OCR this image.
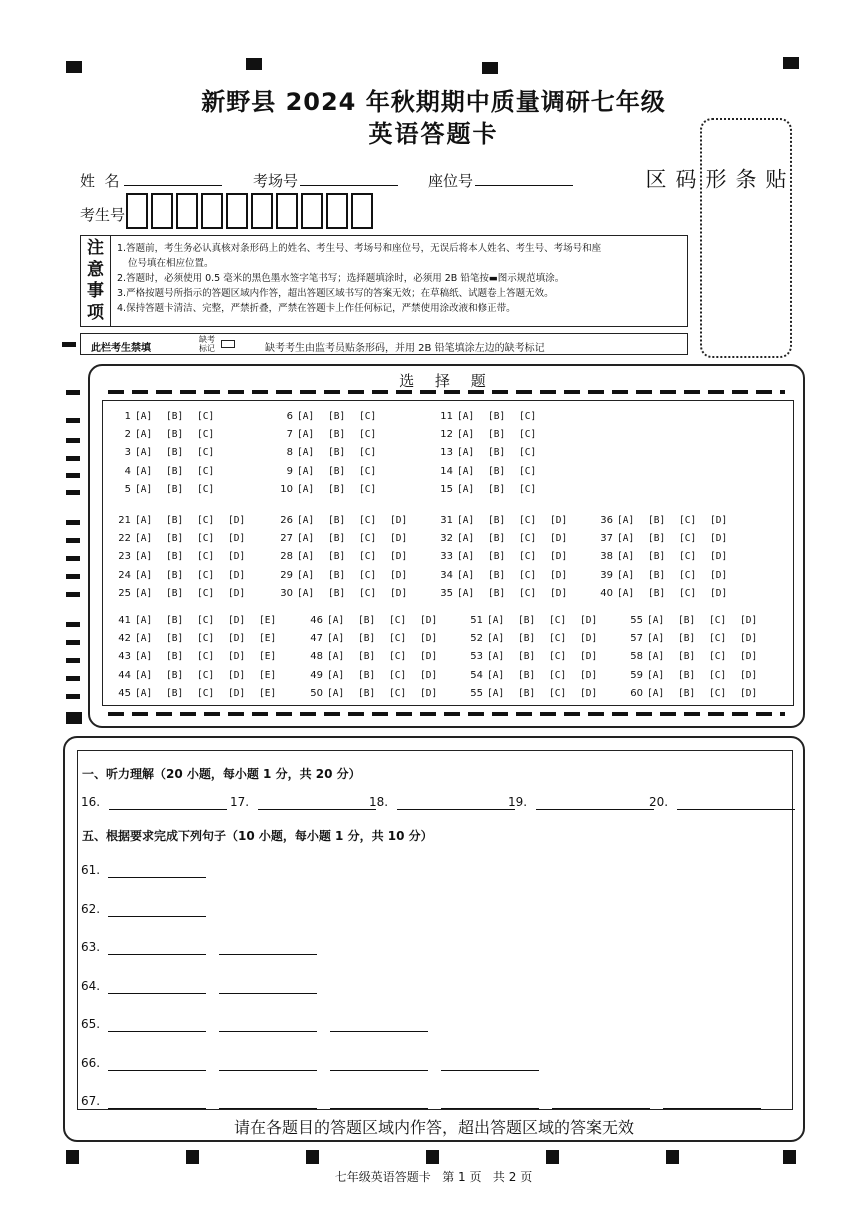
新野县 2024 年秋期期中质量调研七年级
英语答题卡
贴
条
形
码
区
姓  名	考场号	座位号
考生号
注
意
事
项
1.答题前，考生务必认真核对条形码上的姓名、考生号、考场号和座位号，无误后将本人姓名、考生号、考场号和座
位号填在相应位置。
2.答题时，必须使用 0.5 毫米的黑色墨水签字笔书写；选择题填涂时，必须用 2B 铅笔按▬图示规范填涂。
3.严格按题号所指示的答题区域内作答，超出答题区域书写的答案无效；在草稿纸、试题卷上答题无效。
4.保持答题卡清洁、完整，严禁折叠，严禁在答题卡上作任何标记，严禁使用涂改液和修正带。
此栏考生禁填
缺考
标记	缺考考生由监考员贴条形码，并用 2B 铅笔填涂左边的缺考标记
选 择 题
1 [A] [B] [C]
2 [A] [B] [C]
3 [A] [B] [C]
4 [A] [B] [C]
5 [A] [B] [C]
6 [A] [B] [C]
7 [A] [B] [C]
8 [A] [B] [C]
9 [A] [B] [C]
10 [A] [B] [C]
11 [A] [B] [C]
12 [A] [B] [C]
13 [A] [B] [C]
14 [A] [B] [C]
15 [A] [B] [C]
21 [A] [B] [C] [D]
22 [A] [B] [C] [D]
23 [A] [B] [C] [D]
24 [A] [B] [C] [D]
25 [A] [B] [C] [D]
26 [A] [B] [C] [D]
27 [A] [B] [C] [D]
28 [A] [B] [C] [D]
29 [A] [B] [C] [D]
30 [A] [B] [C] [D]
31 [A] [B] [C] [D]
32 [A] [B] [C] [D]
33 [A] [B] [C] [D]
34 [A] [B] [C] [D]
35 [A] [B] [C] [D]
36 [A] [B] [C] [D]
37 [A] [B] [C] [D]
38 [A] [B] [C] [D]
39 [A] [B] [C] [D]
40 [A] [B] [C] [D]
41 [A] [B] [C] [D] [E]
42 [A] [B] [C] [D] [E]
43 [A] [B] [C] [D] [E]
44 [A] [B] [C] [D] [E]
45 [A] [B] [C] [D] [E]
46 [A] [B] [C] [D]
47 [A] [B] [C] [D]
48 [A] [B] [C] [D]
49 [A] [B] [C] [D]
50 [A] [B] [C] [D]
51 [A] [B] [C] [D]
52 [A] [B] [C] [D]
53 [A] [B] [C] [D]
54 [A] [B] [C] [D]
55 [A] [B] [C] [D]
55 [A] [B] [C] [D]
57 [A] [B] [C] [D]
58 [A] [B] [C] [D]
59 [A] [B] [C] [D]
60 [A] [B] [C] [D]
一、听力理解（20 小题，每小题 1 分，共 20 分）
16.	17.	18.	19.	20.
五、根据要求完成下列句子（10 小题，每小题 1 分，共 10 分）
61.
62.
63.
64.
65.
66.
67.
请在各题目的答题区域内作答，超出答题区域的答案无效
七年级英语答题卡   第 1 页   共 2 页
